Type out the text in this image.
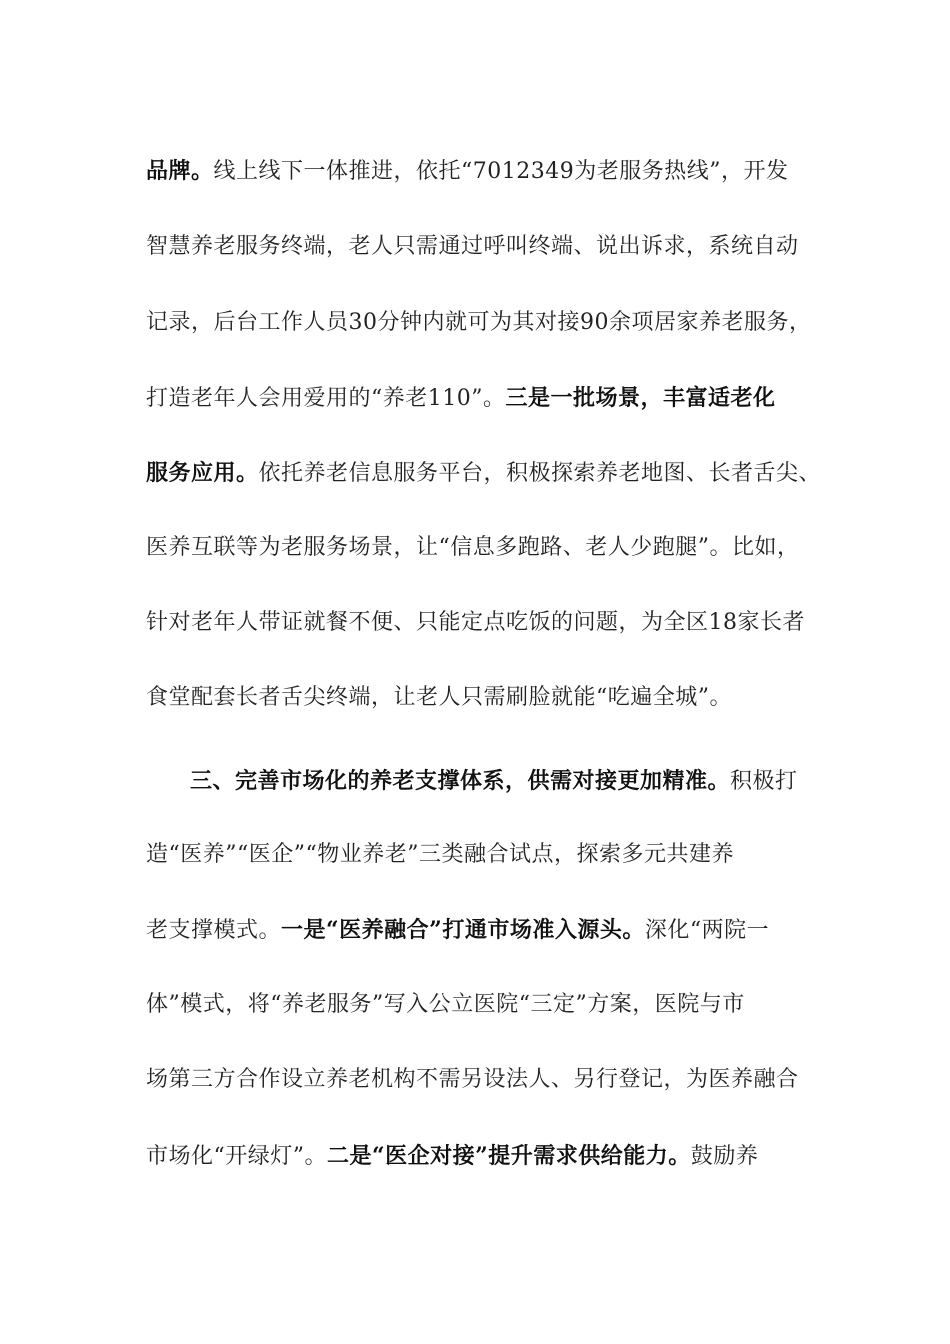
品牌。线上线下一体推进，依托“7012349为老服务热线”，开发

智慧养老服务终端，老人只需通过呼叫终端、说出诉求，系统自动

记录，后台工作人员30分钟内就可为其对接90余项居家养老服务，

打造老年人会用爱用的“养老110”。三是一批场景，丰富适老化

服务应用。依托养老信息服务平台，积极探索养老地图、长者舌尖、

医养互联等为老服务场景，让“信息多跑路、老人少跑腿”。比如，

针对老年人带证就餐不便、只能定点吃饭的问题，为全区18家长者

食堂配套长者舌尖终端，让老人只需刷脸就能“吃遍全城”。

三、完善市场化的养老支撑体系，供需对接更加精准。积极打

造“医养”“医企”“物业养老”三类融合试点，探索多元共建养

老支撑模式。一是“医养融合”打通市场准入源头。深化“两院一

体”模式，将“养老服务”写入公立医院“三定”方案，医院与市

场第三方合作设立养老机构不需另设法人、另行登记，为医养融合

市场化“开绿灯”。二是“医企对接”提升需求供给能力。鼓励养
